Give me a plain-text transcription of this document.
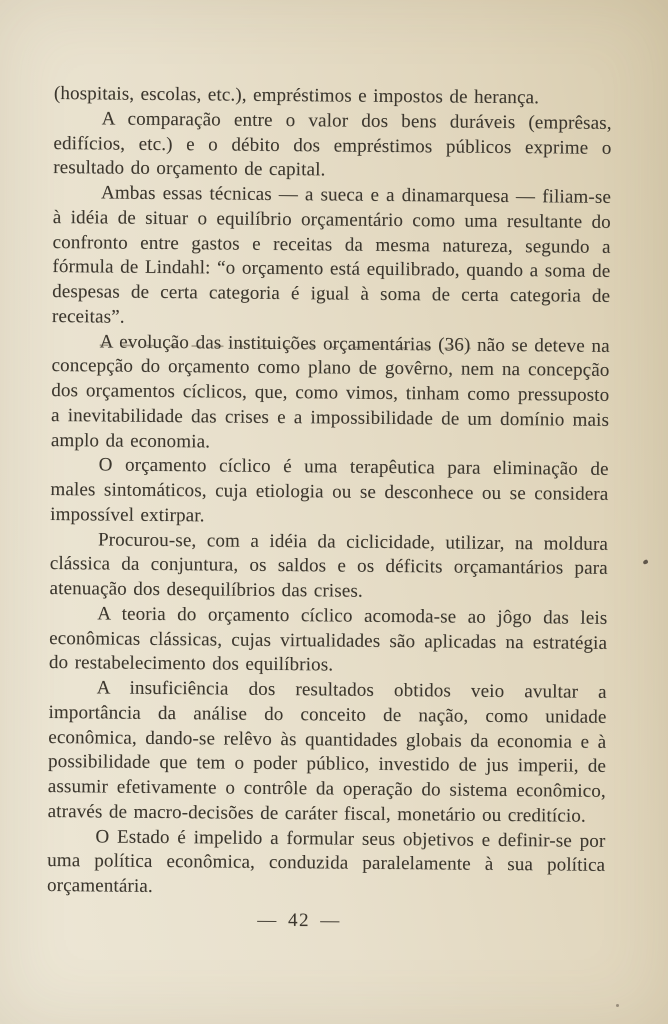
(hospitais, escolas, etc.), empréstimos e impostos de herança.

A comparação entre o valor dos bens duráveis (emprêsas, edifícios, etc.) e o débito dos empréstimos públicos exprime o resultado do orçamento de capital.

Ambas essas técnicas — a sueca e a dinamarquesa — filiam-se à idéia de situar o equilíbrio orçamentário como uma resultante do confronto entre gastos e receitas da mesma natureza, segundo a fórmula de Lindahl: “o orçamento está equilibrado, quando a soma de despesas de certa categoria é igual à soma de certa categoria de receitas”.

A evolução das instituições orçamentárias (36) não se deteve na concepção do orçamento como plano de govêrno, nem na concepção dos orçamentos cíclicos, que, como vimos, tinham como pressuposto a inevitabilidade das crises e a impossibilidade de um domínio mais amplo da economia.

O orçamento cíclico é uma terapêutica para eliminação de males sintomáticos, cuja etiologia ou se desconhece ou se considera impossível extirpar.

Procurou-se, com a idéia da ciclicidade, utilizar, na moldura clássica da conjuntura, os saldos e os déficits orçamantários para atenuação dos desequilíbrios das crises.

A teoria do orçamento cíclico acomoda-se ao jôgo das leis econômicas clássicas, cujas virtualidades são aplicadas na estratégia do restabelecimento dos equilíbrios.

A insuficiência dos resultados obtidos veio avultar a importância da análise do conceito de nação, como unidade econômica, dando-se relêvo às quantidades globais da economia e à possibilidade que tem o poder público, investido de jus imperii, de assumir efetivamente o contrôle da operação do sistema econômico, através de macro-decisões de caráter fiscal, monetário ou creditício.

O Estado é impelido a formular seus objetivos e definir-se por uma política econômica, conduzida paralelamente à sua política orçamentária.

— 42 —
